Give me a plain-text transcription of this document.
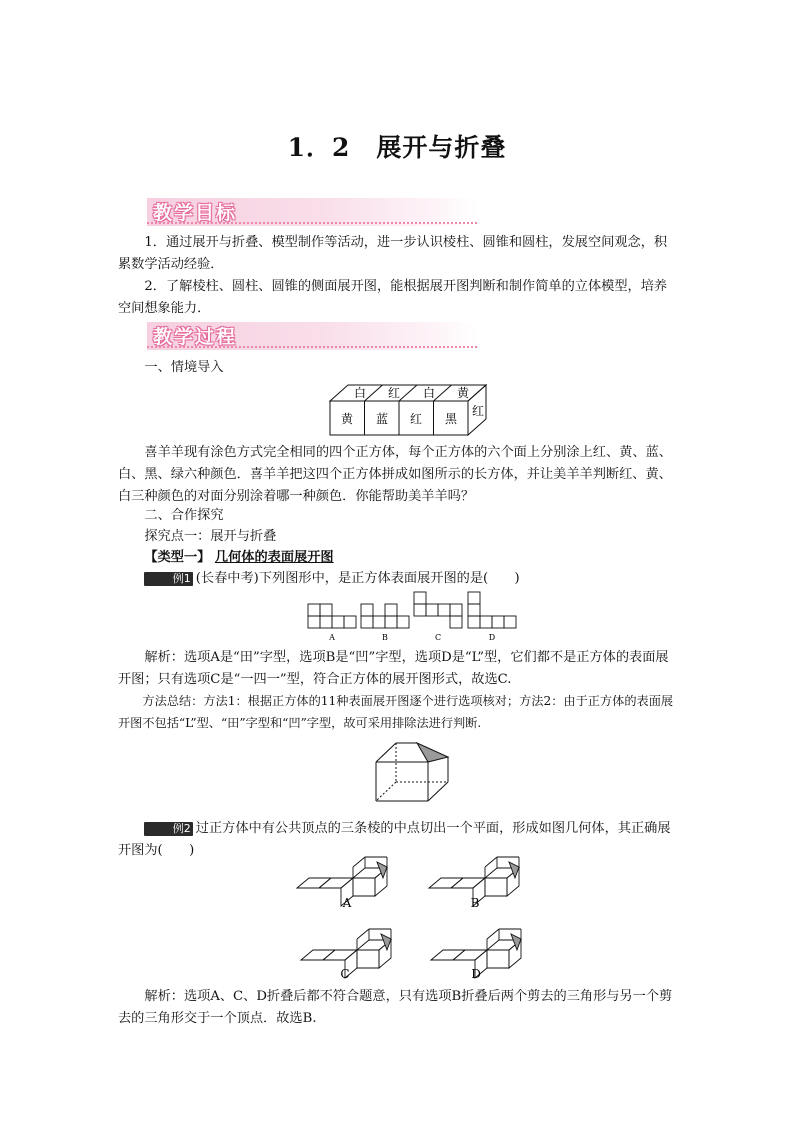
1．2　展开与折叠
教学目标
1．通过展开与折叠、模型制作等活动，进一步认识棱柱、圆锥和圆柱，发展空间观念，积累数学活动经验．
2．了解棱柱、圆柱、圆锥的侧面展开图，能根据展开图判断和制作简单的立体模型，培养空间想象能力．
教学过程
一、情境导入
白 红 白 黄
黄 蓝 红 黑
红
喜羊羊现有涂色方式完全相同的四个正方体，每个正方体的六个面上分别涂上红、黄、蓝、白、黑、绿六种颜色．喜羊羊把这四个正方体拼成如图所示的长方体，并让美羊羊判断红、黄、白三种颜色的对面分别涂着哪一种颜色．你能帮助美羊羊吗？
二、合作探究
探究点一：展开与折叠
【类型一】 几何体的表面展开图
例1 (长春中考)下列图形中，是正方体表面展开图的是(　　)
A	B	C	D
解析：选项A是“田”字型，选项B是“凹”字型，选项D是“L”型，它们都不是正方体的表面展开图；只有选项C是“一四一”型，符合正方体的展开图形式，故选C.
方法总结：方法1：根据正方体的11种表面展开图逐个进行选项核对；方法2：由于正方体的表面展开图不包括“L”型、“田”字型和“凹”字型，故可采用排除法进行判断.
例2 过正方体中有公共顶点的三条棱的中点切出一个平面，形成如图几何体，其正确展开图为(　　)
A	B
C	D
解析：选项A、C、D折叠后都不符合题意，只有选项B折叠后两个剪去的三角形与另一个剪去的三角形交于一个顶点．故选B.
